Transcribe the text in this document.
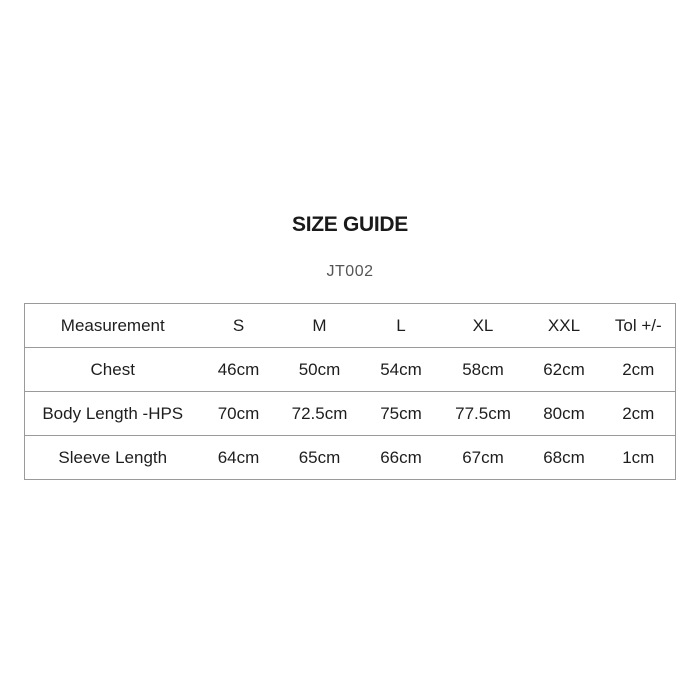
SIZE GUIDE
JT002
Measurement	S	M	L	XL	XXL	Tol +/-
Chest	46cm	50cm	54cm	58cm	62cm	2cm
Body Length -HPS	70cm	72.5cm	75cm	77.5cm	80cm	2cm
Sleeve Length	64cm	65cm	66cm	67cm	68cm	1cm
